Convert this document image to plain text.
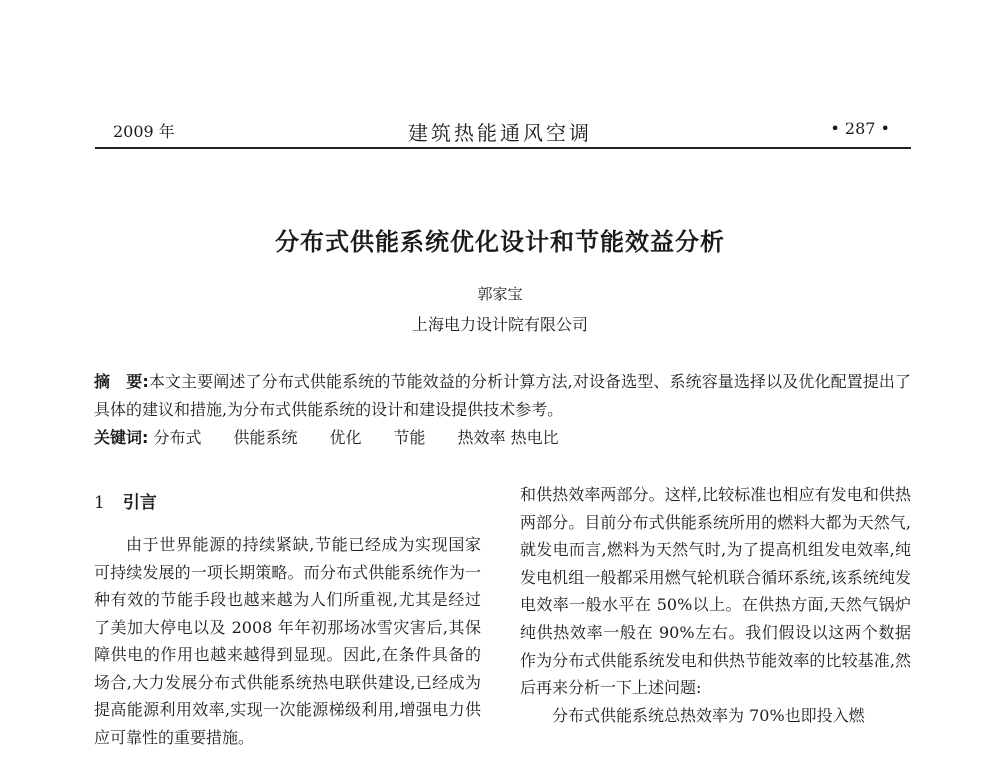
2009 年	建筑热能通风空调	• 287 •
分布式供能系统优化设计和节能效益分析
郭家宝
上海电力设计院有限公司
摘　要:本文主要阐述了分布式供能系统的节能效益的分析计算方法,对设备选型、系统容量选择以及优化配置提出了具体的建议和措施,为分布式供能系统的设计和建设提供技术参考。
关键词: 分布式　　供能系统　　优化　　节能　　热效率 热电比
1 引言

由于世界能源的持续紧缺,节能已经成为实现国家可持续发展的一项长期策略。而分布式供能系统作为一种有效的节能手段也越来越为人们所重视,尤其是经过了美加大停电以及 2008 年年初那场冰雪灾害后,其保障供电的作用也越来越得到显现。因此,在条件具备的场合,大力发展分布式供能系统热电联供建设,已经成为提高能源利用效率,实现一次能源梯级利用,增强电力供应可靠性的重要措施。

和供热效率两部分。这样,比较标准也相应有发电和供热两部分。目前分布式供能系统所用的燃料大都为天然气,就发电而言,燃料为天然气时,为了提高机组发电效率,纯发电机组一般都采用燃气轮机联合循环系统,该系统纯发电效率一般水平在 50%以上。在供热方面,天然气锅炉纯供热效率一般在 90%左右。我们假设以这两个数据作为分布式供能系统发电和供热节能效率的比较基准,然后再来分析一下上述问题:

分布式供能系统总热效率为 70%也即投入燃
